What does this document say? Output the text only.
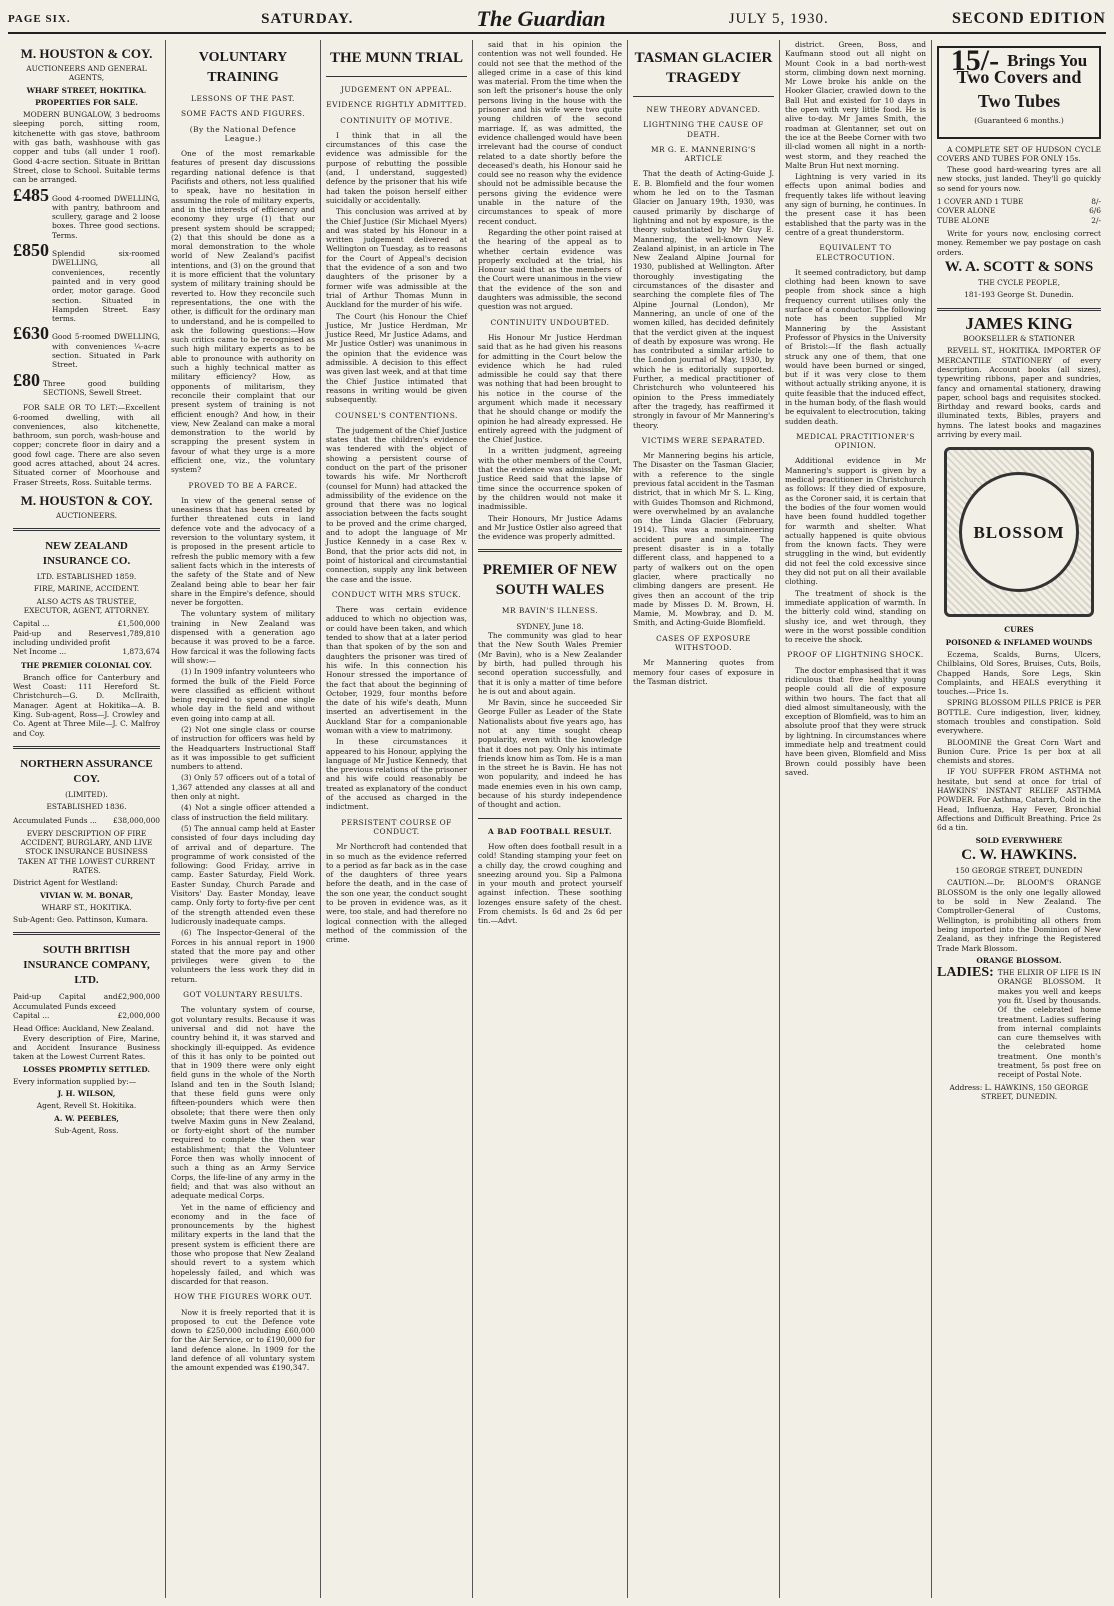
PAGE SIX.	SATURDAY.	The Guardian	JULY 5, 1930.	SECOND EDITION
M. HOUSTON & COY.
AUCTIONEERS AND GENERAL AGENTS,
WHARF STREET, HOKITIKA.
PROPERTIES FOR SALE.
MODERN BUNGALOW, 3 bedrooms sleeping porch, sitting room, kitchenette with gas stove, bathroom with gas bath, washhouse with gas copper and tubs (all under 1 roof). Good 4-acre section. Situate in Brittan Street, close to School. Suitable terms can be arranged.
£485 Good 4-roomed DWELLING, with pantry, bathroom and scullery, garage and 2 loose boxes. Three good sections. Terms.
£850 Splendid six-roomed DWELLING, all conveniences, recently painted and in very good order, motor garage. Good section. Situated in Hampden Street. Easy terms.
£630 Good 5-roomed DWELLING, with conveniences ¼-acre section. Situated in Park Street.
£80 Three good building SECTIONS, Sewell Street.
FOR SALE OR TO LET:—Excellent 6-roomed dwelling, with all conveniences, also kitchenette, bathroom, sun porch, wash-house and copper; concrete floor in dairy and a good fowl cage. There are also seven good acres attached, about 24 acres. Situated corner of Moorhouse and Fraser Streets, Ross. Suitable terms.
M. HOUSTON & COY.
AUCTIONEERS.
NEW ZEALAND INSURANCE CO.
LTD. ESTABLISHED 1859.
FIRE, MARINE, ACCIDENT.
ALSO ACTS AS TRUSTEE, EXECUTOR, AGENT, ATTORNEY.
Capital ...	£1,500,000
Paid-up and Reserves including undivided profit
1,789,810
Net Income ...	1,873,674
THE PREMIER COLONIAL COY.
Branch office for Canterbury and West Coast: 111 Hereford St. Christchurch—G. D. McIlraith, Manager. Agent at Hokitika—A. B. King. Sub-agent, Ross—J. Crowley and Co. Agent at Three Mile—J. C. Malfroy and Coy.
NORTHERN ASSURANCE COY.
(LIMITED).
ESTABLISHED 1836.
Accumulated Funds ... £38,000,000
EVERY DESCRIPTION OF FIRE ACCIDENT, BURGLARY, AND LIVE STOCK INSURANCE BUSINESS TAKEN AT THE LOWEST CURRENT RATES.
District Agent for Westland:
VIVIAN W. M. BONAR,
WHARF ST., HOKITIKA.
Sub-Agent: Geo. Pattinson, Kumara.
SOUTH BRITISH INSURANCE COMPANY, LTD.
Paid-up Capital and Accumulated Funds exceed
£2,900,000
Capital ...	£2,000,000
Head Office: Auckland, New Zealand.
Every description of Fire, Marine, and Accident Insurance Business taken at the Lowest Current Rates.
LOSSES PROMPTLY SETTLED.
Every information supplied by:—
J. H. WILSON,
Agent, Revell St. Hokitika.
A. W. PEEBLES,
Sub-Agent, Ross.
VOLUNTARY TRAINING
LESSONS OF THE PAST.
SOME FACTS AND FIGURES.
(By the National Defence League.)
One of the most remarkable features of present day discussions regarding national defence is that Pacifists and others, not less qualified to speak, have no hesitation in assuming the role of military experts, and in the interests of efficiency and economy they urge (1) that our present system should be scrapped; (2) that this should be done as a moral demonstration to the whole world of New Zealand's pacifist intentions, and (3) on the ground that it is more efficient that the voluntary system of military training should be reverted to. How they reconcile such representations, the one with the other, is difficult for the ordinary man to understand, and he is compelled to ask the following questions:—How such critics came to be recognised as such high military experts as to be able to pronounce with authority on such a highly technical matter as military efficiency? How, as opponents of militarism, they reconcile their complaint that our present system of training is not efficient enough? And how, in their view, New Zealand can make a moral demonstration to the world by scrapping the present system in favour of what they urge is a more efficient one, viz., the voluntary system?
PROVED TO BE A FARCE.
In view of the general sense of uneasiness that has been created by further threatened cuts in land defence vote and the advocacy of a reversion to the voluntary system, it is proposed in the present article to refresh the public memory with a few salient facts which in the interests of the safety of the State and of New Zealand being able to bear her fair share in the Empire's defence, should never be forgotten.
The voluntary system of military training in New Zealand was dispensed with a generation ago because it was proved to be a farce. How farcical it was the following facts will show:—
(1) In 1909 infantry volunteers who formed the bulk of the Field Force were classified as efficient without being required to spend one single whole day in the field and without even going into camp at all.
(2) Not one single class or course of instruction for officers was held by the Headquarters Instructional Staff as it was impossible to get sufficient numbers to attend.
(3) Only 57 officers out of a total of 1,367 attended any classes at all and then only at night.
(4) Not a single officer attended a class of instruction the field military.
(5) The annual camp held at Easter consisted of four days including day of arrival and of departure. The programme of work consisted of the following: Good Friday, arrive in camp. Easter Saturday, Field Work. Easter Sunday, Church Parade and Visitors' Day. Easter Monday, leave camp. Only forty to forty-five per cent of the strength attended even these ludicrously inadequate camps.
(6) The Inspector-General of the Forces in his annual report in 1900 stated that the more pay and other privileges were given to the volunteers the less work they did in return.
GOT VOLUNTARY RESULTS.
The voluntary system of course, got voluntary results. Because it was universal and did not have the country behind it, it was starved and shockingly ill-equipped. As evidence of this it has only to be pointed out that in 1909 there were only eight field guns in the whole of the North Island and ten in the South Island; that these field guns were only fifteen-pounders which were then obsolete; that there were then only twelve Maxim guns in New Zealand, or forty-eight short of the number required to complete the then war establishment; that the Volunteer Force then was wholly innocent of such a thing as an Army Service Corps, the life-line of any army in the field; and that was also without an adequate medical Corps.
Yet in the name of efficiency and economy and in the face of pronouncements by the highest military experts in the land that the present system is efficient there are those who propose that New Zealand should revert to a system which hopelessly failed, and which was discarded for that reason.
HOW THE FIGURES WORK OUT.
Now it is freely reported that it is proposed to cut the Defence vote down to £250,000 including £60,000 for the Air Service, or to £190,000 for land defence alone. In 1909 for the land defence of all voluntary system the amount expended was £190,347.
THE MUNN TRIAL
JUDGEMENT ON APPEAL.
EVIDENCE RIGHTLY ADMITTED.
CONTINUITY OF MOTIVE.
I think that in all the circumstances of this case the evidence was admissible for the purpose of rebutting the possible (and, I understand, suggested) defence by the prisoner that his wife had taken the poison herself either suicidally or accidentally.
This conclusion was arrived at by the Chief Justice (Sir Michael Myers) and was stated by his Honour in a written judgement delivered at Wellington on Tuesday, as to reasons for the Court of Appeal's decision that the evidence of a son and two daughters of the prisoner by a former wife was admissible at the trial of Arthur Thomas Munn in Auckland for the murder of his wife.
The Court (his Honour the Chief Justice, Mr Justice Herdman, Mr Justice Reed, Mr Justice Adams, and Mr Justice Ostler) was unanimous in the opinion that the evidence was admissible. A decision to this effect was given last week, and at that time the Chief Justice intimated that reasons in writing would be given subsequently.
COUNSEL'S CONTENTIONS.
The judgement of the Chief Justice states that the children's evidence was tendered with the object of showing a persistent course of conduct on the part of the prisoner towards his wife. Mr Northcroft (counsel for Munn) had attacked the admissibility of the evidence on the ground that there was no logical association between the facts sought to be proved and the crime charged, and to adopt the language of Mr Justice Kennedy in a case Rex v. Bond, that the prior acts did not, in point of historical and circumstantial connection, supply any link between the case and the issue.
CONDUCT WITH MRS STUCK.
There was certain evidence adduced to which no objection was, or could have been taken, and which tended to show that at a later period than that spoken of by the son and daughters the prisoner was tired of his wife. In this connection his Honour stressed the importance of the fact that about the beginning of October, 1929, four months before the date of his wife's death, Munn inserted an advertisement in the Auckland Star for a companionable woman with a view to matrimony.
In these circumstances it appeared to his Honour, applying the language of Mr Justice Kennedy, that the previous relations of the prisoner and his wife could reasonably be treated as explanatory of the conduct of the accused as charged in the indictment.
PERSISTENT COURSE OF CONDUCT.
Mr Northcroft had contended that in so much as the evidence referred to a period as far back as in the case of the daughters of three years before the death, and in the case of the son one year, the conduct sought to be proven in evidence was, as it were, too stale, and had therefore no logical connection with the alleged method of the commission of the crime.
said that in his opinion the contention was not well founded. He could not see that the method of the alleged crime in a case of this kind was material. From the time when the son left the prisoner's house the only persons living in the house with the prisoner and his wife were two quite young children of the second marriage. If, as was admitted, the evidence challenged would have been irrelevant had the course of conduct related to a date shortly before the deceased's death, his Honour said he could see no reason why the evidence should not be admissible because the persons giving the evidence were unable in the nature of the circumstances to speak of more recent conduct.
Regarding the other point raised at the hearing of the appeal as to whether certain evidence was properly excluded at the trial, his Honour said that as the members of the Court were unanimous in the view that the evidence of the son and daughters was admissible, the second question was not argued.
CONTINUITY UNDOUBTED.
His Honour Mr Justice Herdman said that as he had given his reasons for admitting in the Court below the evidence which he had ruled admissible he could say that there was nothing that had been brought to his notice in the course of the argument which made it necessary that he should change or modify the opinion he had already expressed. He entirely agreed with the judgment of the Chief Justice.
In a written judgment, agreeing with the other members of the Court, that the evidence was admissible, Mr Justice Reed said that the lapse of time since the occurrence spoken of by the children would not make it inadmissible.
Their Honours, Mr Justice Adams and Mr Justice Ostler also agreed that the evidence was properly admitted.
PREMIER OF NEW SOUTH WALES
MR BAVIN'S ILLNESS.
SYDNEY, June 18.
The community was glad to hear that the New South Wales Premier (Mr Bavin), who is a New Zealander by birth, had pulled through his second operation successfully, and that it is only a matter of time before he is out and about again.
Mr Bavin, since he succeeded Sir George Fuller as Leader of the State Nationalists about five years ago, has not at any time sought cheap popularity, even with the knowledge that it does not pay. Only his intimate friends know him as Tom. He is a man in the street he is Bavin. He has not won popularity, and indeed he has made enemies even in his own camp, because of his sturdy independence of thought and action.
A BAD FOOTBALL RESULT.
How often does football result in a cold! Standing stamping your feet on a chilly day, the crowd coughing and sneezing around you. Sip a Palmona in your mouth and protect yourself against infection. These soothing lozenges ensure safety of the chest. From chemists. Is 6d and 2s 6d per tin.—Advt.
TASMAN GLACIER TRAGEDY
NEW THEORY ADVANCED.
LIGHTNING THE CAUSE OF DEATH.
MR G. E. MANNERING'S ARTICLE
That the death of Acting-Guide J. E. B. Blomfield and the four women whom he led on to the Tasman Glacier on January 19th, 1930, was caused primarily by discharge of lightning and not by exposure, is the theory substantiated by Mr Guy E. Mannering, the well-known New Zealand alpinist, in an article in The New Zealand Alpine Journal for 1930, published at Wellington. After thoroughly investigating the circumstances of the disaster and searching the complete files of The Alpine Journal (London), Mr Mannering, an uncle of one of the women killed, has decided definitely that the verdict given at the inquest of death by exposure was wrong. He has contributed a similar article to the London journal of May, 1930, by which he is editorially supported. Further, a medical practitioner of Christchurch who volunteered his opinion to the Press immediately after the tragedy, has reaffirmed it strongly in favour of Mr Mannering's theory.
VICTIMS WERE SEPARATED.
Mr Mannering begins his article, The Disaster on the Tasman Glacier, with a reference to the single previous fatal accident in the Tasman district, that in which Mr S. L. King, with Guides Thomson and Richmond, were overwhelmed by an avalanche on the Linda Glacier (February, 1914). This was a mountaineering accident pure and simple. The present disaster is in a totally different class, and happened to a party of walkers out on the open glacier, where practically no climbing dangers are present. He gives then an account of the trip made by Misses D. M. Brown, H. Mamie, M. Mowbray, and D. M. Smith, and Acting-Guide Blomfield.
CASES OF EXPOSURE WITHSTOOD.
Mr Mannering quotes from memory four cases of exposure in the Tasman district.
district. Green, Boss, and Kaufmann stood out all night on Mount Cook in a bad north-west storm, climbing down next morning. Mr Lowe broke his ankle on the Hooker Glacier, crawled down to the Ball Hut and existed for 10 days in the open with very little food. He is alive to-day. Mr James Smith, the roadman at Glentanner, set out on the ice at the Beebe Corner with two ill-clad women all night in a north-west storm, and they reached the Malte Brun Hut next morning.
Lightning is very varied in its effects upon animal bodies and frequently takes life without leaving any sign of burning, he continues. In the present case it has been established that the party was in the centre of a great thunderstorm.
EQUIVALENT TO ELECTROCUTION.
It seemed contradictory, but damp clothing had been known to save people from shock since a high frequency current utilises only the surface of a conductor. The following note has been supplied Mr Mannering by the Assistant Professor of Physics in the University of Bristol:—If the flash actually struck any one of them, that one would have been burned or singed, but if it was very close to them without actually striking anyone, it is quite feasible that the induced effect, in the human body, of the flash would be equivalent to electrocution, taking sudden death.
MEDICAL PRACTITIONER'S OPINION.
Additional evidence in Mr Mannering's support is given by a medical practitioner in Christchurch as follows: If they died of exposure, as the Coroner said, it is certain that the bodies of the four women would have been found huddled together for warmth and shelter. What actually happened is quite obvious from the known facts. They were struggling in the wind, but evidently did not feel the cold excessive since they did not put on all their available clothing.
The treatment of shock is the immediate application of warmth. In the bitterly cold wind, standing on slushy ice, and wet through, they were in the worst possible condition to receive the shock.
PROOF OF LIGHTNING SHOCK.
The doctor emphasised that it was ridiculous that five healthy young people could all die of exposure within two hours. The fact that all died almost simultaneously, with the exception of Blomfield, was to him an absolute proof that they were struck by lightning. In circumstances where immediate help and treatment could have been given, Blomfield and Miss Brown could possibly have been saved.
15/- Brings You
Two Covers and Two Tubes
(Guaranteed 6 months.)
A COMPLETE SET OF HUDSON CYCLE COVERS AND TUBES FOR ONLY 15s.
These good hard-wearing tyres are all new stocks, just landed. They'll go quickly so send for yours now.
1 COVER AND 1 TUBE	8/-
COVER ALONE	6/6
TUBE ALONE	2/-
Write for yours now, enclosing correct money. Remember we pay postage on cash orders.
W. A. SCOTT & SONS
THE CYCLE PEOPLE,
181-193 George St. Dunedin.
JAMES KING
BOOKSELLER & STATIONER
REVELL ST., HOKITIKA. IMPORTER OF MERCANTILE STATIONERY of every description. Account books (all sizes), typewriting ribbons, paper and sundries, fancy and ornamental stationery, drawing paper, school bags and requisites stocked. Birthday and reward books, cards and illuminated texts, Bibles, prayers and hymns. The latest books and magazines arriving by every mail.
BLOSSOM
CURES
POISONED & INFLAMED WOUNDS
Eczema, Scalds, Burns, Ulcers, Chilblains, Old Sores, Bruises, Cuts, Boils, Chapped Hands, Sore Legs, Skin Complaints, and HEALS everything it touches.—Price 1s.
SPRING BLOSSOM PILLS PRICE is PER BOTTLE. Cure indigestion, liver, kidney, stomach troubles and constipation. Sold everywhere.
BLOOMINE the Great Corn Wart and Bunion Cure. Price 1s per box at all chemists and stores.
IF YOU SUFFER FROM ASTHMA not hesitate, but send at once for trial of HAWKINS' INSTANT RELIEF ASTHMA POWDER. For Asthma, Catarrh, Cold in the Head, Influenza, Hay Fever, Bronchial Affections and Difficult Breathing. Price 2s 6d a tin.
SOLD EVERYWHERE
C. W. HAWKINS.
150 GEORGE STREET, DUNEDIN
CAUTION.—Dr. BLOOM'S ORANGE BLOSSOM is the only one legally allowed to be sold in New Zealand. The Comptroller-General of Customs, Wellington, is prohibiting all others from being imported into the Dominion of New Zealand, as they infringe the Registered Trade Mark Blossom.
ORANGE BLOSSOM.
LADIES: THE ELIXIR OF LIFE IS IN ORANGE BLOSSOM. It makes you well and keeps you fit. Used by thousands. Of the celebrated home treatment. Ladies suffering from internal complaints can cure themselves with the celebrated home treatment. One month's treatment, 5s post free on receipt of Postal Note.
Address: L. HAWKINS, 150 GEORGE STREET, DUNEDIN.
